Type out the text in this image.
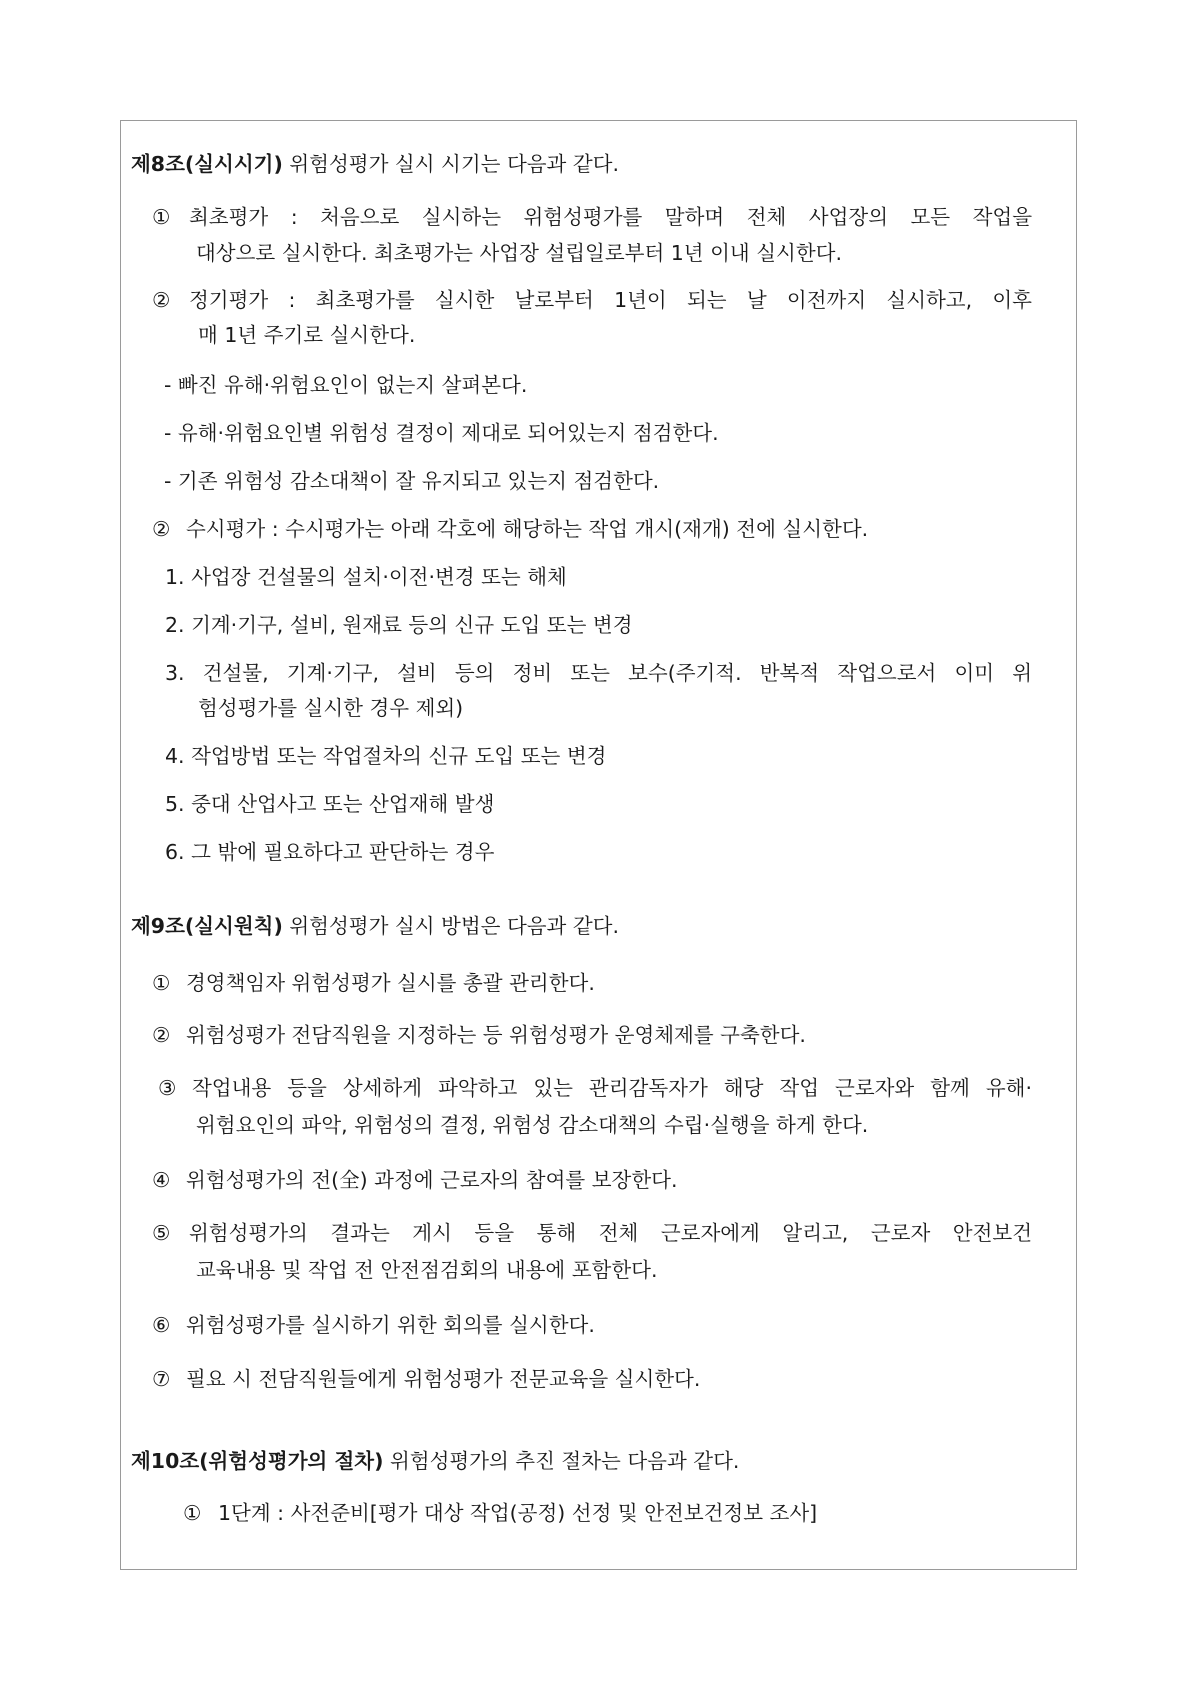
제8조(실시시기) 위험성평가 실시 시기는 다음과 같다.
① 최초평가 : 처음으로 실시하는 위험성평가를 말하며 전체 사업장의 모든 작업을
대상으로 실시한다. 최초평가는 사업장 설립일로부터 1년 이내 실시한다.
② 정기평가 : 최초평가를 실시한 날로부터 1년이 되는 날 이전까지 실시하고, 이후
매 1년 주기로 실시한다.
- 빠진 유해·위험요인이 없는지 살펴본다.
- 유해·위험요인별 위험성 결정이 제대로 되어있는지 점검한다.
- 기존 위험성 감소대책이 잘 유지되고 있는지 점검한다.
② 수시평가 : 수시평가는 아래 각호에 해당하는 작업 개시(재개) 전에 실시한다.
1. 사업장 건설물의 설치·이전·변경 또는 해체
2. 기계·기구, 설비, 원재료 등의 신규 도입 또는 변경
3. 건설물, 기계·기구, 설비 등의 정비 또는 보수(주기적. 반복적 작업으로서 이미 위
험성평가를 실시한 경우 제외)
4. 작업방법 또는 작업절차의 신규 도입 또는 변경
5. 중대 산업사고 또는 산업재해 발생
6. 그 밖에 필요하다고 판단하는 경우
제9조(실시원칙) 위험성평가 실시 방법은 다음과 같다.
① 경영책임자 위험성평가 실시를 총괄 관리한다.
② 위험성평가 전담직원을 지정하는 등 위험성평가 운영체제를 구축한다.
③ 작업내용 등을 상세하게 파악하고 있는 관리감독자가 해당 작업 근로자와 함께 유해·
위험요인의 파악, 위험성의 결정, 위험성 감소대책의 수립·실행을 하게 한다.
④ 위험성평가의 전(全) 과정에 근로자의 참여를 보장한다.
⑤ 위험성평가의 결과는 게시 등을 통해 전체 근로자에게 알리고, 근로자 안전보건
교육내용 및 작업 전 안전점검회의 내용에 포함한다.
⑥ 위험성평가를 실시하기 위한 회의를 실시한다.
⑦ 필요 시 전담직원들에게 위험성평가 전문교육을 실시한다.
제10조(위험성평가의 절차) 위험성평가의 추진 절차는 다음과 같다.
① 1단계 : 사전준비[평가 대상 작업(공정) 선정 및 안전보건정보 조사]
